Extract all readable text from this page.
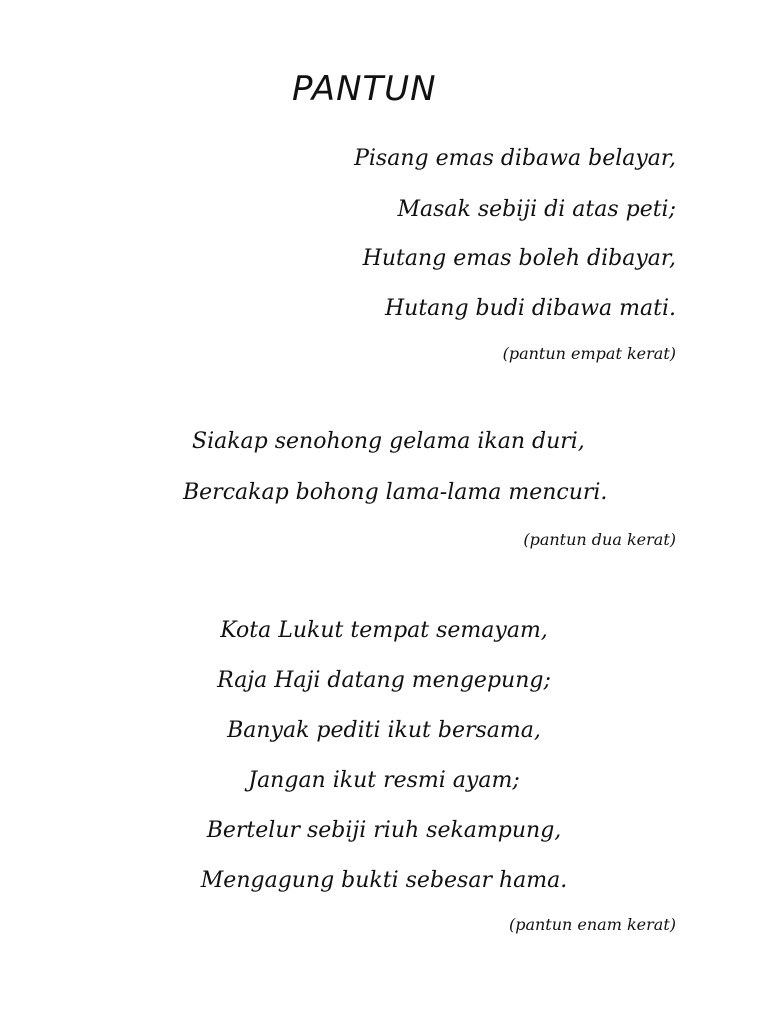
PANTUN
Pisang emas dibawa belayar,
Masak sebiji di atas peti;
Hutang emas boleh dibayar,
Hutang budi dibawa mati.
(pantun empat kerat)
Siakap senohong gelama ikan duri,
Bercakap bohong lama-lama mencuri.
(pantun dua kerat)
Kota Lukut tempat semayam,
Raja Haji datang mengepung;
Banyak pediti ikut bersama,
Jangan ikut resmi ayam;
Bertelur sebiji riuh sekampung,
Mengagung bukti sebesar hama.
(pantun enam kerat)
